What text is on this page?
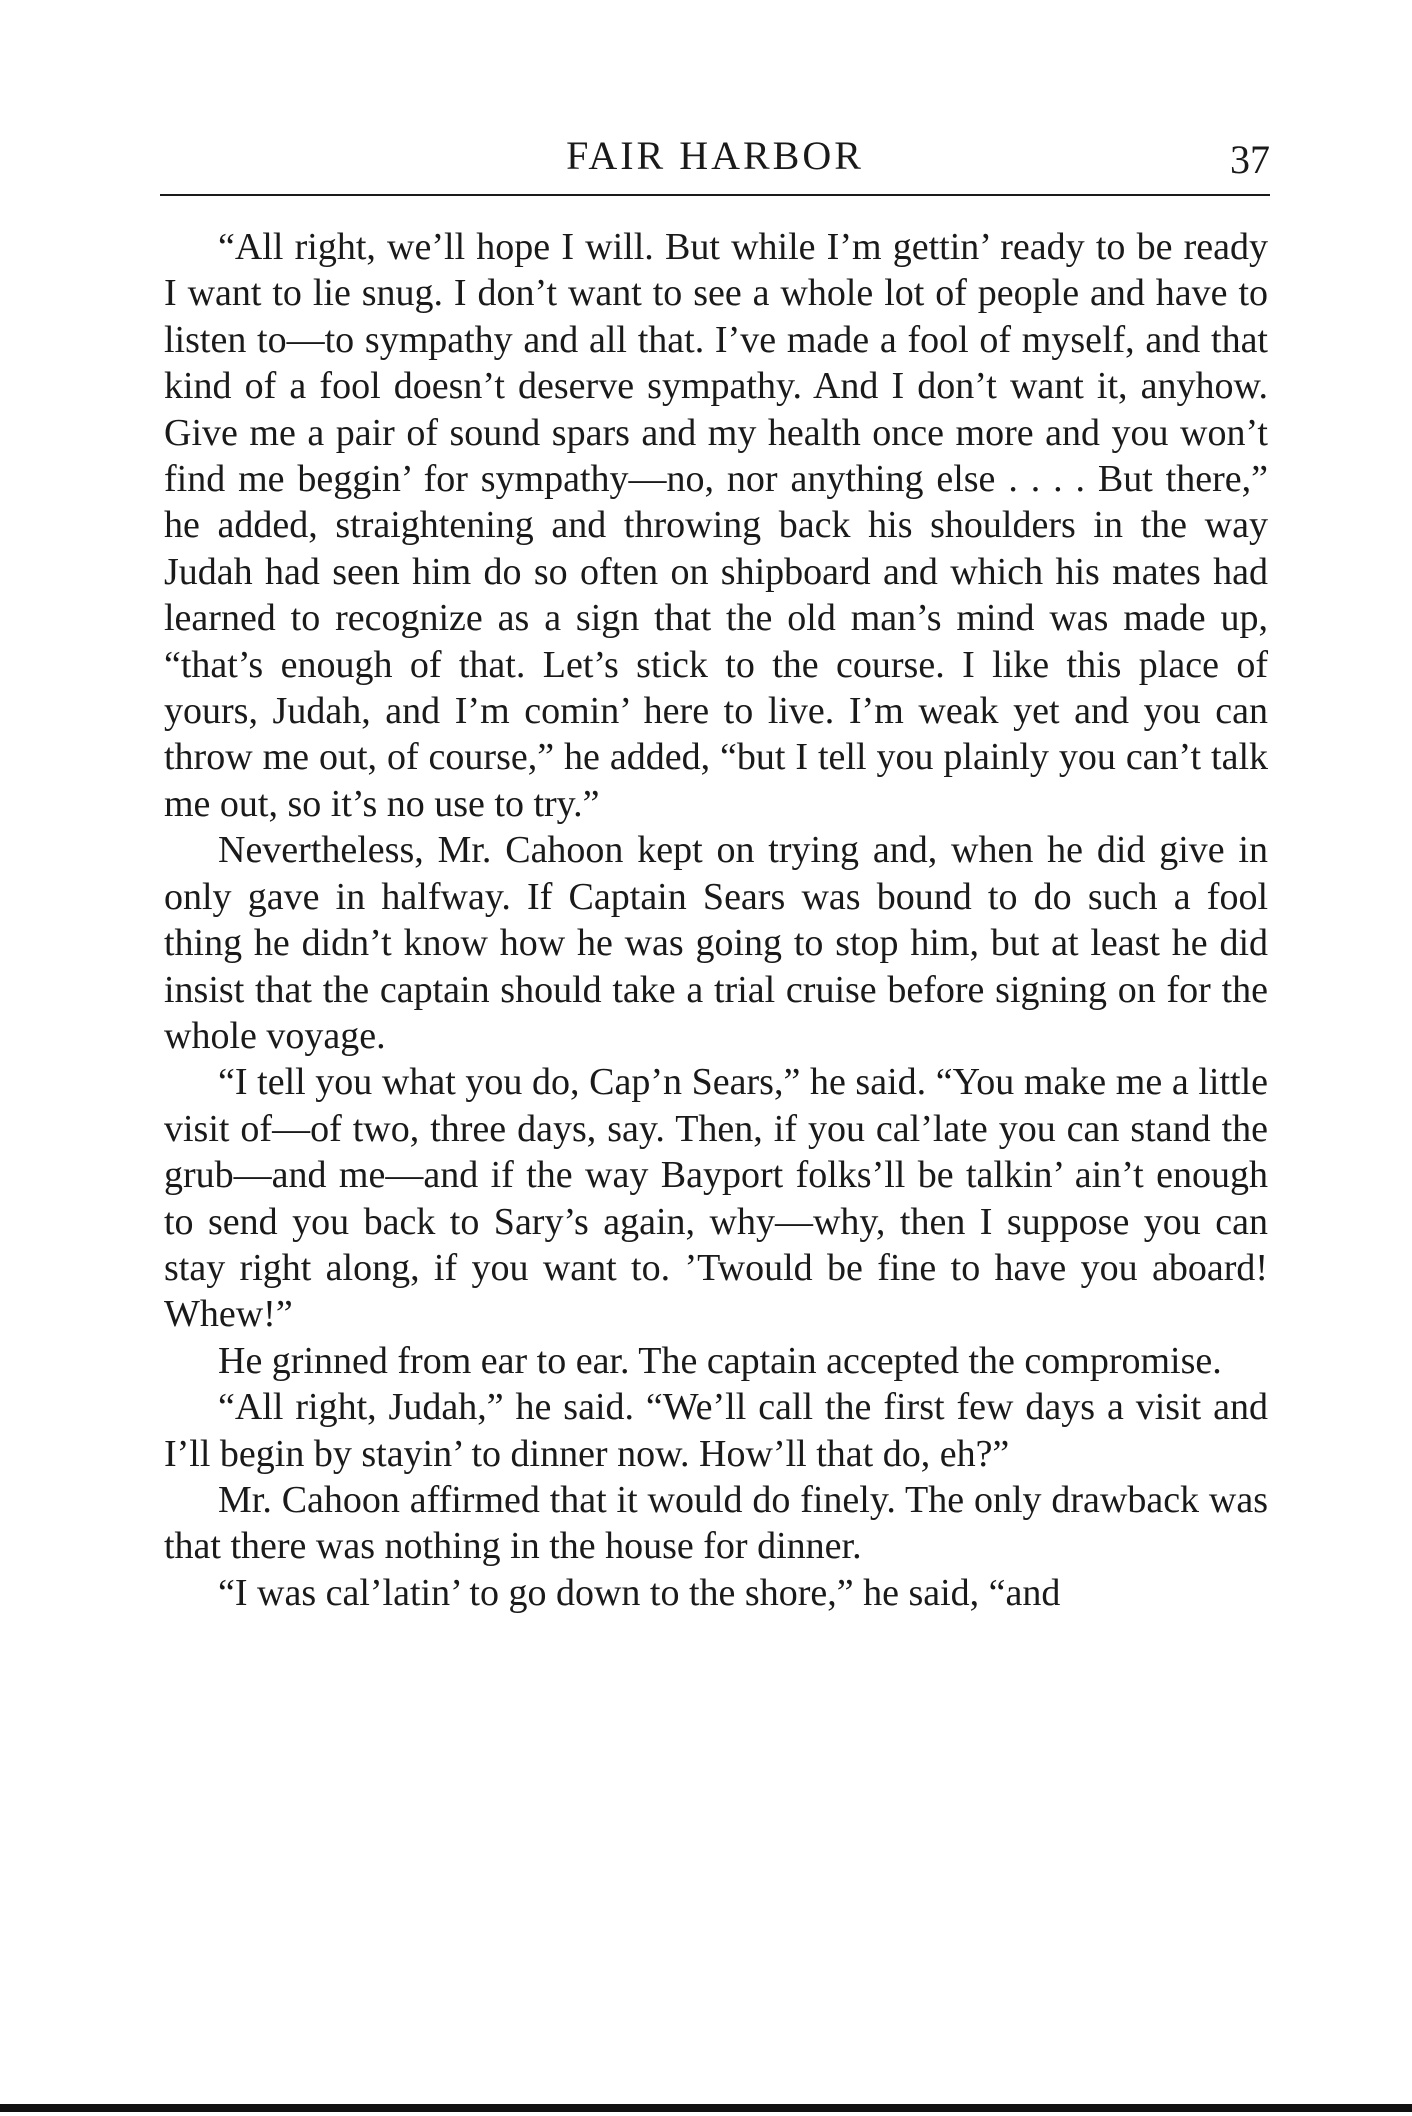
FAIR HARBOR	37

“All right, we’ll hope I will. But while I’m gettin’ ready to be ready I want to lie snug. I don’t want to see a whole lot of people and have to listen to—to sympathy and all that. I’ve made a fool of myself, and that kind of a fool doesn’t deserve sympathy. And I don’t want it, anyhow. Give me a pair of sound spars and my health once more and you won’t find me beggin’ for sympathy—no, nor anything else . . . . But there,” he added, straightening and throwing back his shoulders in the way Judah had seen him do so often on shipboard and which his mates had learned to recognize as a sign that the old man’s mind was made up, “that’s enough of that. Let’s stick to the course. I like this place of yours, Judah, and I’m comin’ here to live. I’m weak yet and you can throw me out, of course,” he added, “but I tell you plainly you can’t talk me out, so it’s no use to try.”

Nevertheless, Mr. Cahoon kept on trying and, when he did give in only gave in halfway. If Captain Sears was bound to do such a fool thing he didn’t know how he was going to stop him, but at least he did insist that the captain should take a trial cruise before signing on for the whole voyage.

“I tell you what you do, Cap’n Sears,” he said. “You make me a little visit of—of two, three days, say. Then, if you cal’late you can stand the grub—and me—and if the way Bayport folks’ll be talkin’ ain’t enough to send you back to Sary’s again, why—why, then I suppose you can stay right along, if you want to. ’Twould be fine to have you aboard! Whew!”

He grinned from ear to ear. The captain accepted the compromise.

“All right, Judah,” he said. “We’ll call the first few days a visit and I’ll begin by stayin’ to dinner now. How’ll that do, eh?”

Mr. Cahoon affirmed that it would do finely. The only drawback was that there was nothing in the house for dinner.

“I was cal’latin’ to go down to the shore,” he said, “and
